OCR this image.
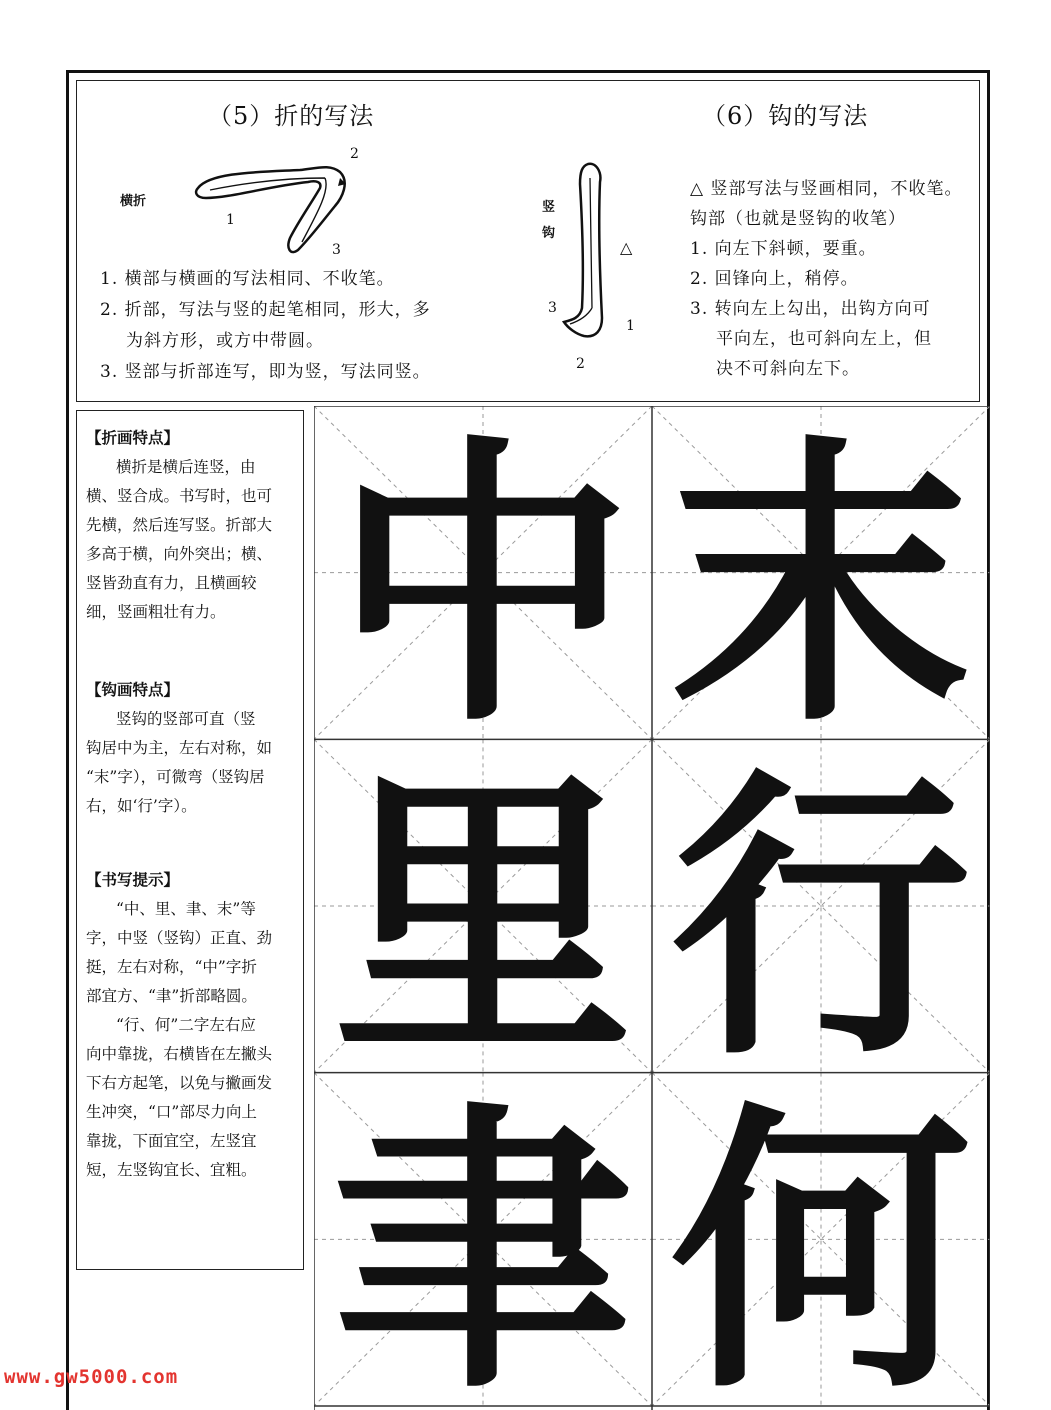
（5）折的写法	（6）钩的写法
横折
2
1
3
1. 横部与横画的写法相同、不收笔。
2. 折部，写法与竖的起笔相同，形大，多
为斜方形，或方中带圆。
3. 竖部与折部连写，即为竖，写法同竖。
竖
钩
△
3
1
2
△ 竖部写法与竖画相同，不收笔。
钩部（也就是竖钩的收笔）
1. 向左下斜顿，要重。
2. 回锋向上，稍停。
3. 转向左上勾出，出钩方向可
平向左，也可斜向左上，但
决不可斜向左下。
【折画特点】
横折是横后连竖，由
横、竖合成。书写时，也可
先横，然后连写竖。折部大
多高于横，向外突出；横、
竖皆劲直有力，且横画较
细，竖画粗壮有力。
【钩画特点】
竖钩的竖部可直（竖
钩居中为主，左右对称，如
“末”字），可微弯（竖钩居
右，如‘行’字）。
【书写提示】
“中、里、聿、末”等
字，中竖（竖钩）正直、劲
挺，左右对称，“中”字折
部宜方、“聿”折部略圆。
“行、何”二字左右应
向中靠拢，右横皆在左撇头
下右方起笔，以免与撇画发
生冲突，“口”部尽力向上
靠拢，下面宜空，左竖宜
短，左竖钩宜长、宜粗。
中 末
里 行
聿 何
www.gw5000.com
